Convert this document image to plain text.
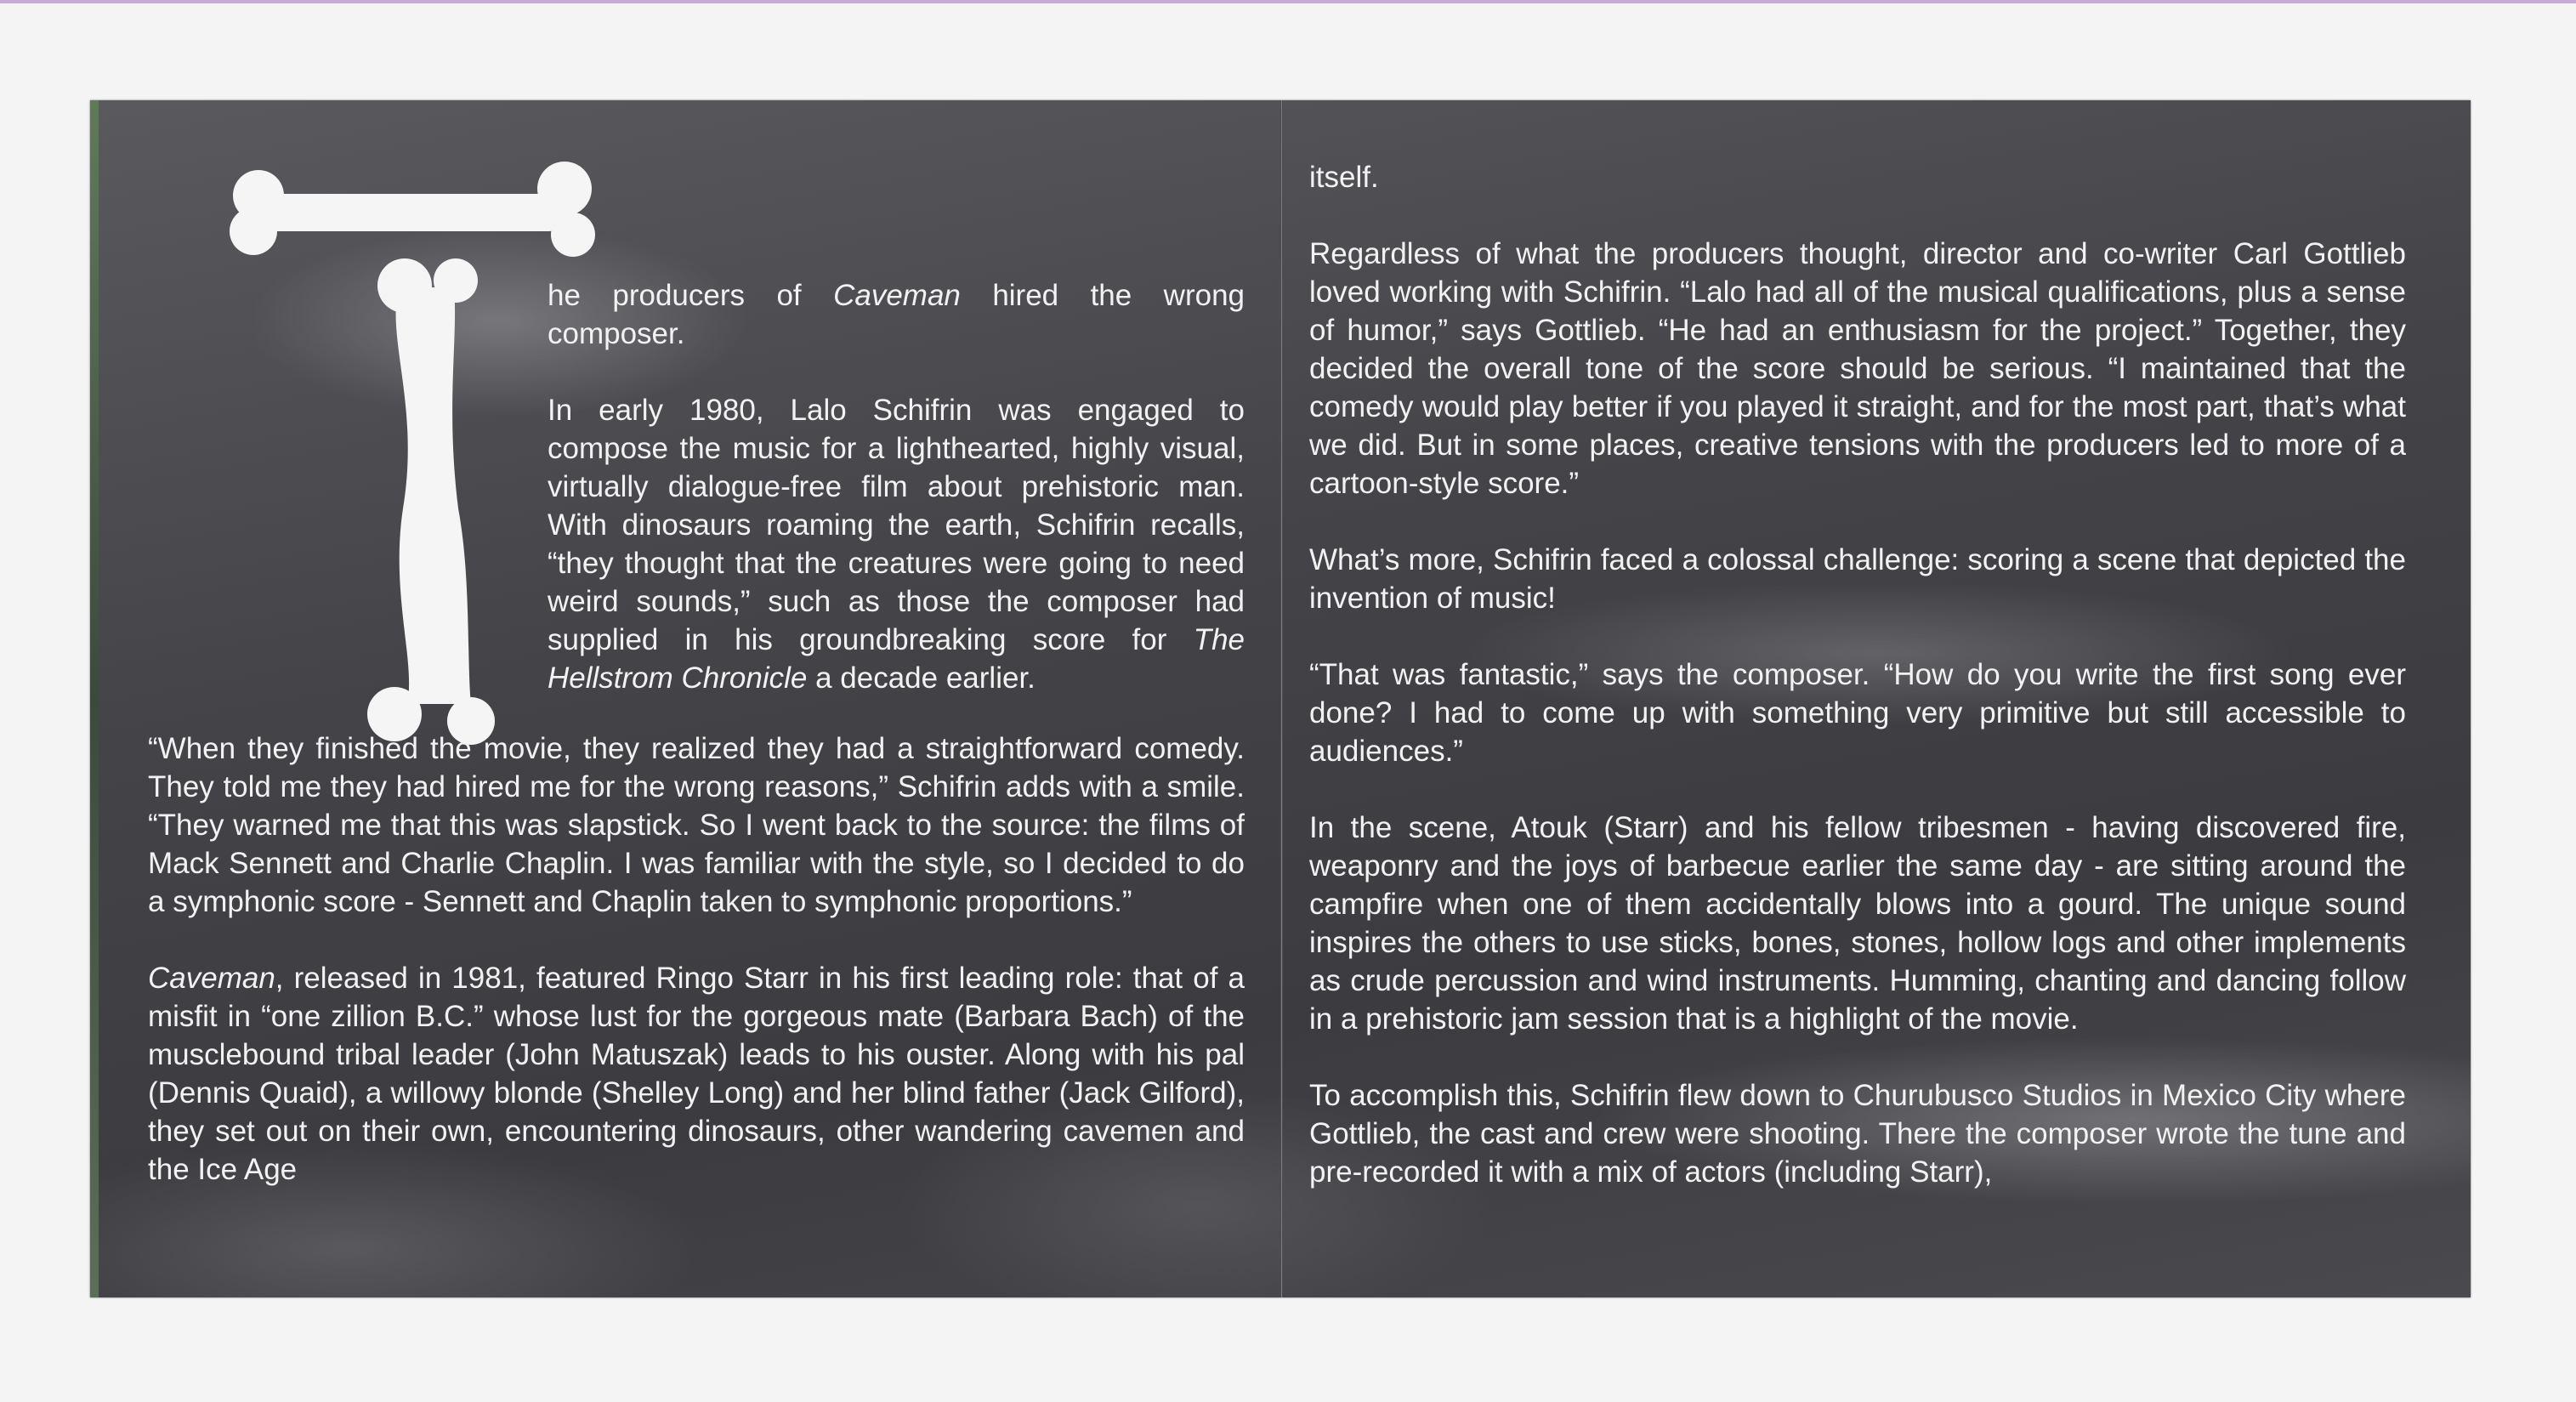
he producers of Caveman hired the wrong composer.

In early 1980, Lalo Schifrin was engaged to compose the music for a lighthearted, highly visual, virtually dialogue-free film about prehistoric man. With dinosaurs roaming the earth, Schifrin recalls, “they thought that the creatures were going to need weird sounds,” such as those the composer had supplied in his groundbreaking score for The Hellstrom Chronicle a decade earlier.

“When they finished the movie, they realized they had a straightforward comedy. They told me they had hired me for the wrong reasons,” Schifrin adds with a smile. “They warned me that this was slapstick. So I went back to the source: the films of Mack Sennett and Charlie Chaplin. I was familiar with the style, so I decided to do a symphonic score - Sennett and Chaplin taken to symphonic proportions.”

Caveman, released in 1981, featured Ringo Starr in his first leading role: that of a misfit in “one zillion B.C.” whose lust for the gorgeous mate (Barbara Bach) of the musclebound tribal leader (John Matuszak) leads to his ouster. Along with his pal (Dennis Quaid), a willowy blonde (Shelley Long) and her blind father (Jack Gilford), they set out on their own, encountering dinosaurs, other wandering cavemen and the Ice Age

itself.

Regardless of what the producers thought, director and co-writer Carl Gottlieb loved working with Schifrin. “Lalo had all of the musical qualifications, plus a sense of humor,” says Gottlieb. “He had an enthusiasm for the project.” Together, they decided the overall tone of the score should be serious. “I maintained that the comedy would play better if you played it straight, and for the most part, that’s what we did. But in some places, creative tensions with the producers led to more of a cartoon-style score.”

What’s more, Schifrin faced a colossal challenge: scoring a scene that depicted the invention of music!

“That was fantastic,” says the composer. “How do you write the first song ever done? I had to come up with something very primitive but still accessible to audiences.”

In the scene, Atouk (Starr) and his fellow tribesmen - having discovered fire, weaponry and the joys of barbecue earlier the same day - are sitting around the campfire when one of them accidentally blows into a gourd. The unique sound inspires the others to use sticks, bones, stones, hollow logs and other implements as crude percussion and wind instruments. Humming, chanting and dancing follow in a prehistoric jam session that is a highlight of the movie.

To accomplish this, Schifrin flew down to Churubusco Studios in Mexico City where Gottlieb, the cast and crew were shooting. There the composer wrote the tune and pre-recorded it with a mix of actors (including Starr),
